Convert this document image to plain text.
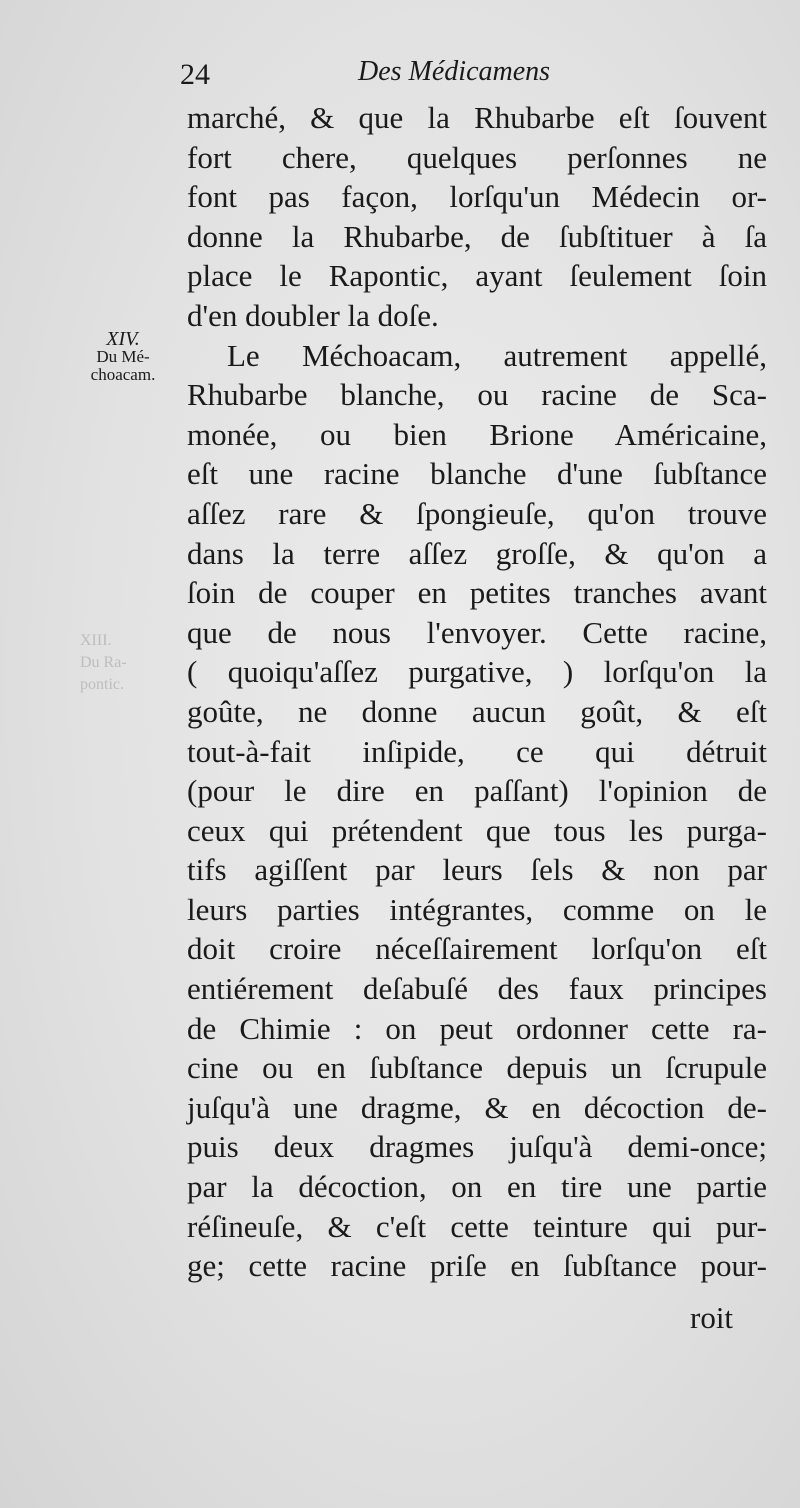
24	Des Médicamens
XIII.
Du Ra-
pontic.
XIV.
Du Mé-
choacam.
marché, & que la Rhubarbe eſt ſouvent
fort chere, quelques perſonnes ne
font pas façon, lorſqu'un Médecin or-
donne la Rhubarbe, de ſubſtituer à ſa
place le Rapontic, ayant ſeulement ſoin
d'en doubler la doſe.
Le Méchoacam, autrement appellé,
Rhubarbe blanche, ou racine de Sca-
monée, ou bien Brione Américaine,
eſt une racine blanche d'une ſubſtance
aſſez rare & ſpongieuſe, qu'on trouve
dans la terre aſſez groſſe, & qu'on a
ſoin de couper en petites tranches avant
que de nous l'envoyer. Cette racine,
( quoiqu'aſſez purgative, ) lorſqu'on la
goûte, ne donne aucun goût, & eſt
tout-à-fait inſipide, ce qui détruit
(pour le dire en paſſant) l'opinion de
ceux qui prétendent que tous les purga-
tifs agiſſent par leurs ſels & non par
leurs parties intégrantes, comme on le
doit croire néceſſairement lorſqu'on eſt
entiérement deſabuſé des faux principes
de Chimie : on peut ordonner cette ra-
cine ou en ſubſtance depuis un ſcrupule
juſqu'à une dragme, & en décoction de-
puis deux dragmes juſqu'à demi-once;
par la décoction, on en tire une partie
réſineuſe, & c'eſt cette teinture qui pur-
ge; cette racine priſe en ſubſtance pour-
roit
